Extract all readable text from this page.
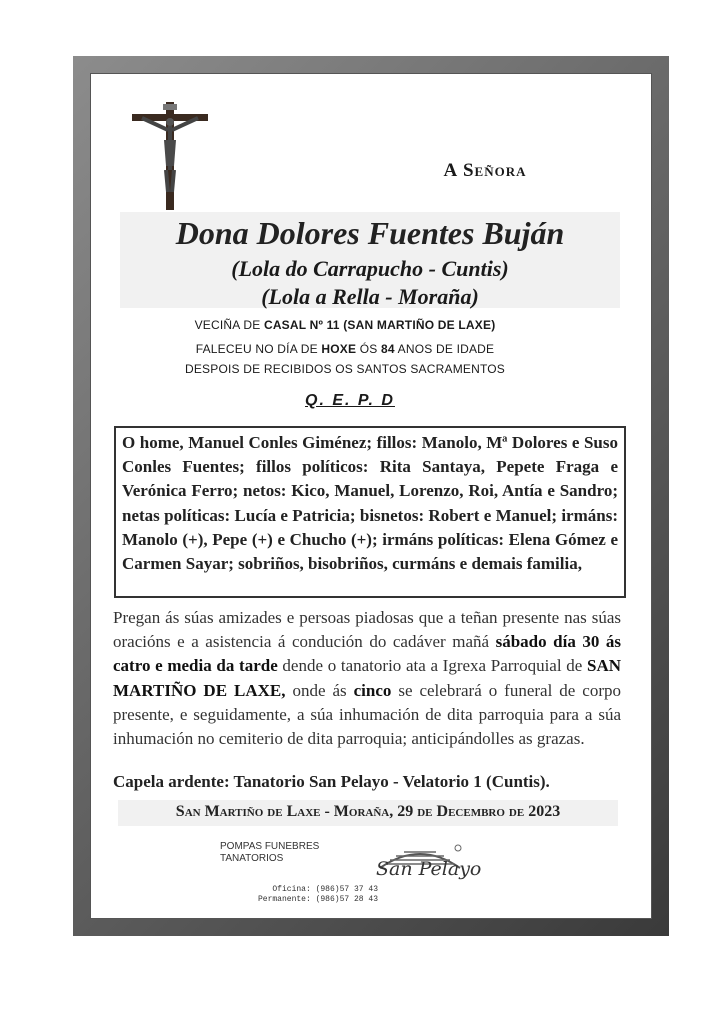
A Señora
Dona Dolores Fuentes Buján
(Lola do Carrapucho - Cuntis)
(Lola a Rella - Moraña)
VECIÑA DE CASAL Nº 11 (SAN MARTIÑO DE LAXE)
FALECEU NO DÍA DE HOXE ÓS 84 ANOS DE IDADE
DESPOIS DE RECIBIDOS OS SANTOS SACRAMENTOS
Q. E. P. D
O home, Manuel Conles Giménez; fillos: Manolo, Mª Dolores e Suso Conles Fuentes; fillos políticos: Rita Santaya, Pepete Fraga e Verónica Ferro; netos: Kico, Manuel, Lorenzo, Roi, Antía e Sandro; netas políticas: Lucía e Patricia; bisnetos: Robert e Manuel; irmáns: Manolo (+), Pepe (+) e Chucho (+); irmáns políticas: Elena Gómez e Carmen Sayar; sobriños, bisobriños, curmáns e demais familia,
Pregan ás súas amizades e persoas piadosas que a teñan presente nas súas oracións e a asistencia á condución do cadáver mañá sábado día 30 ás catro e media da tarde dende o tanatorio ata a Igrexa Parroquial de SAN MARTIÑO DE LAXE, onde ás cinco se celebrará o funeral de corpo presente, e seguidamente, a súa inhumación de dita parroquia para a súa inhumación no cemiterio de dita parroquia; anticipándolles as grazas.
Capela ardente: Tanatorio San Pelayo - Velatorio 1 (Cuntis).
San Martiño de Laxe - Moraña, 29 de Decembro de 2023
POMPAS FUNEBRES
TANATORIOS
Oficina: (986)57 37 43
Permanente: (986)57 28 43
San Pelayo
